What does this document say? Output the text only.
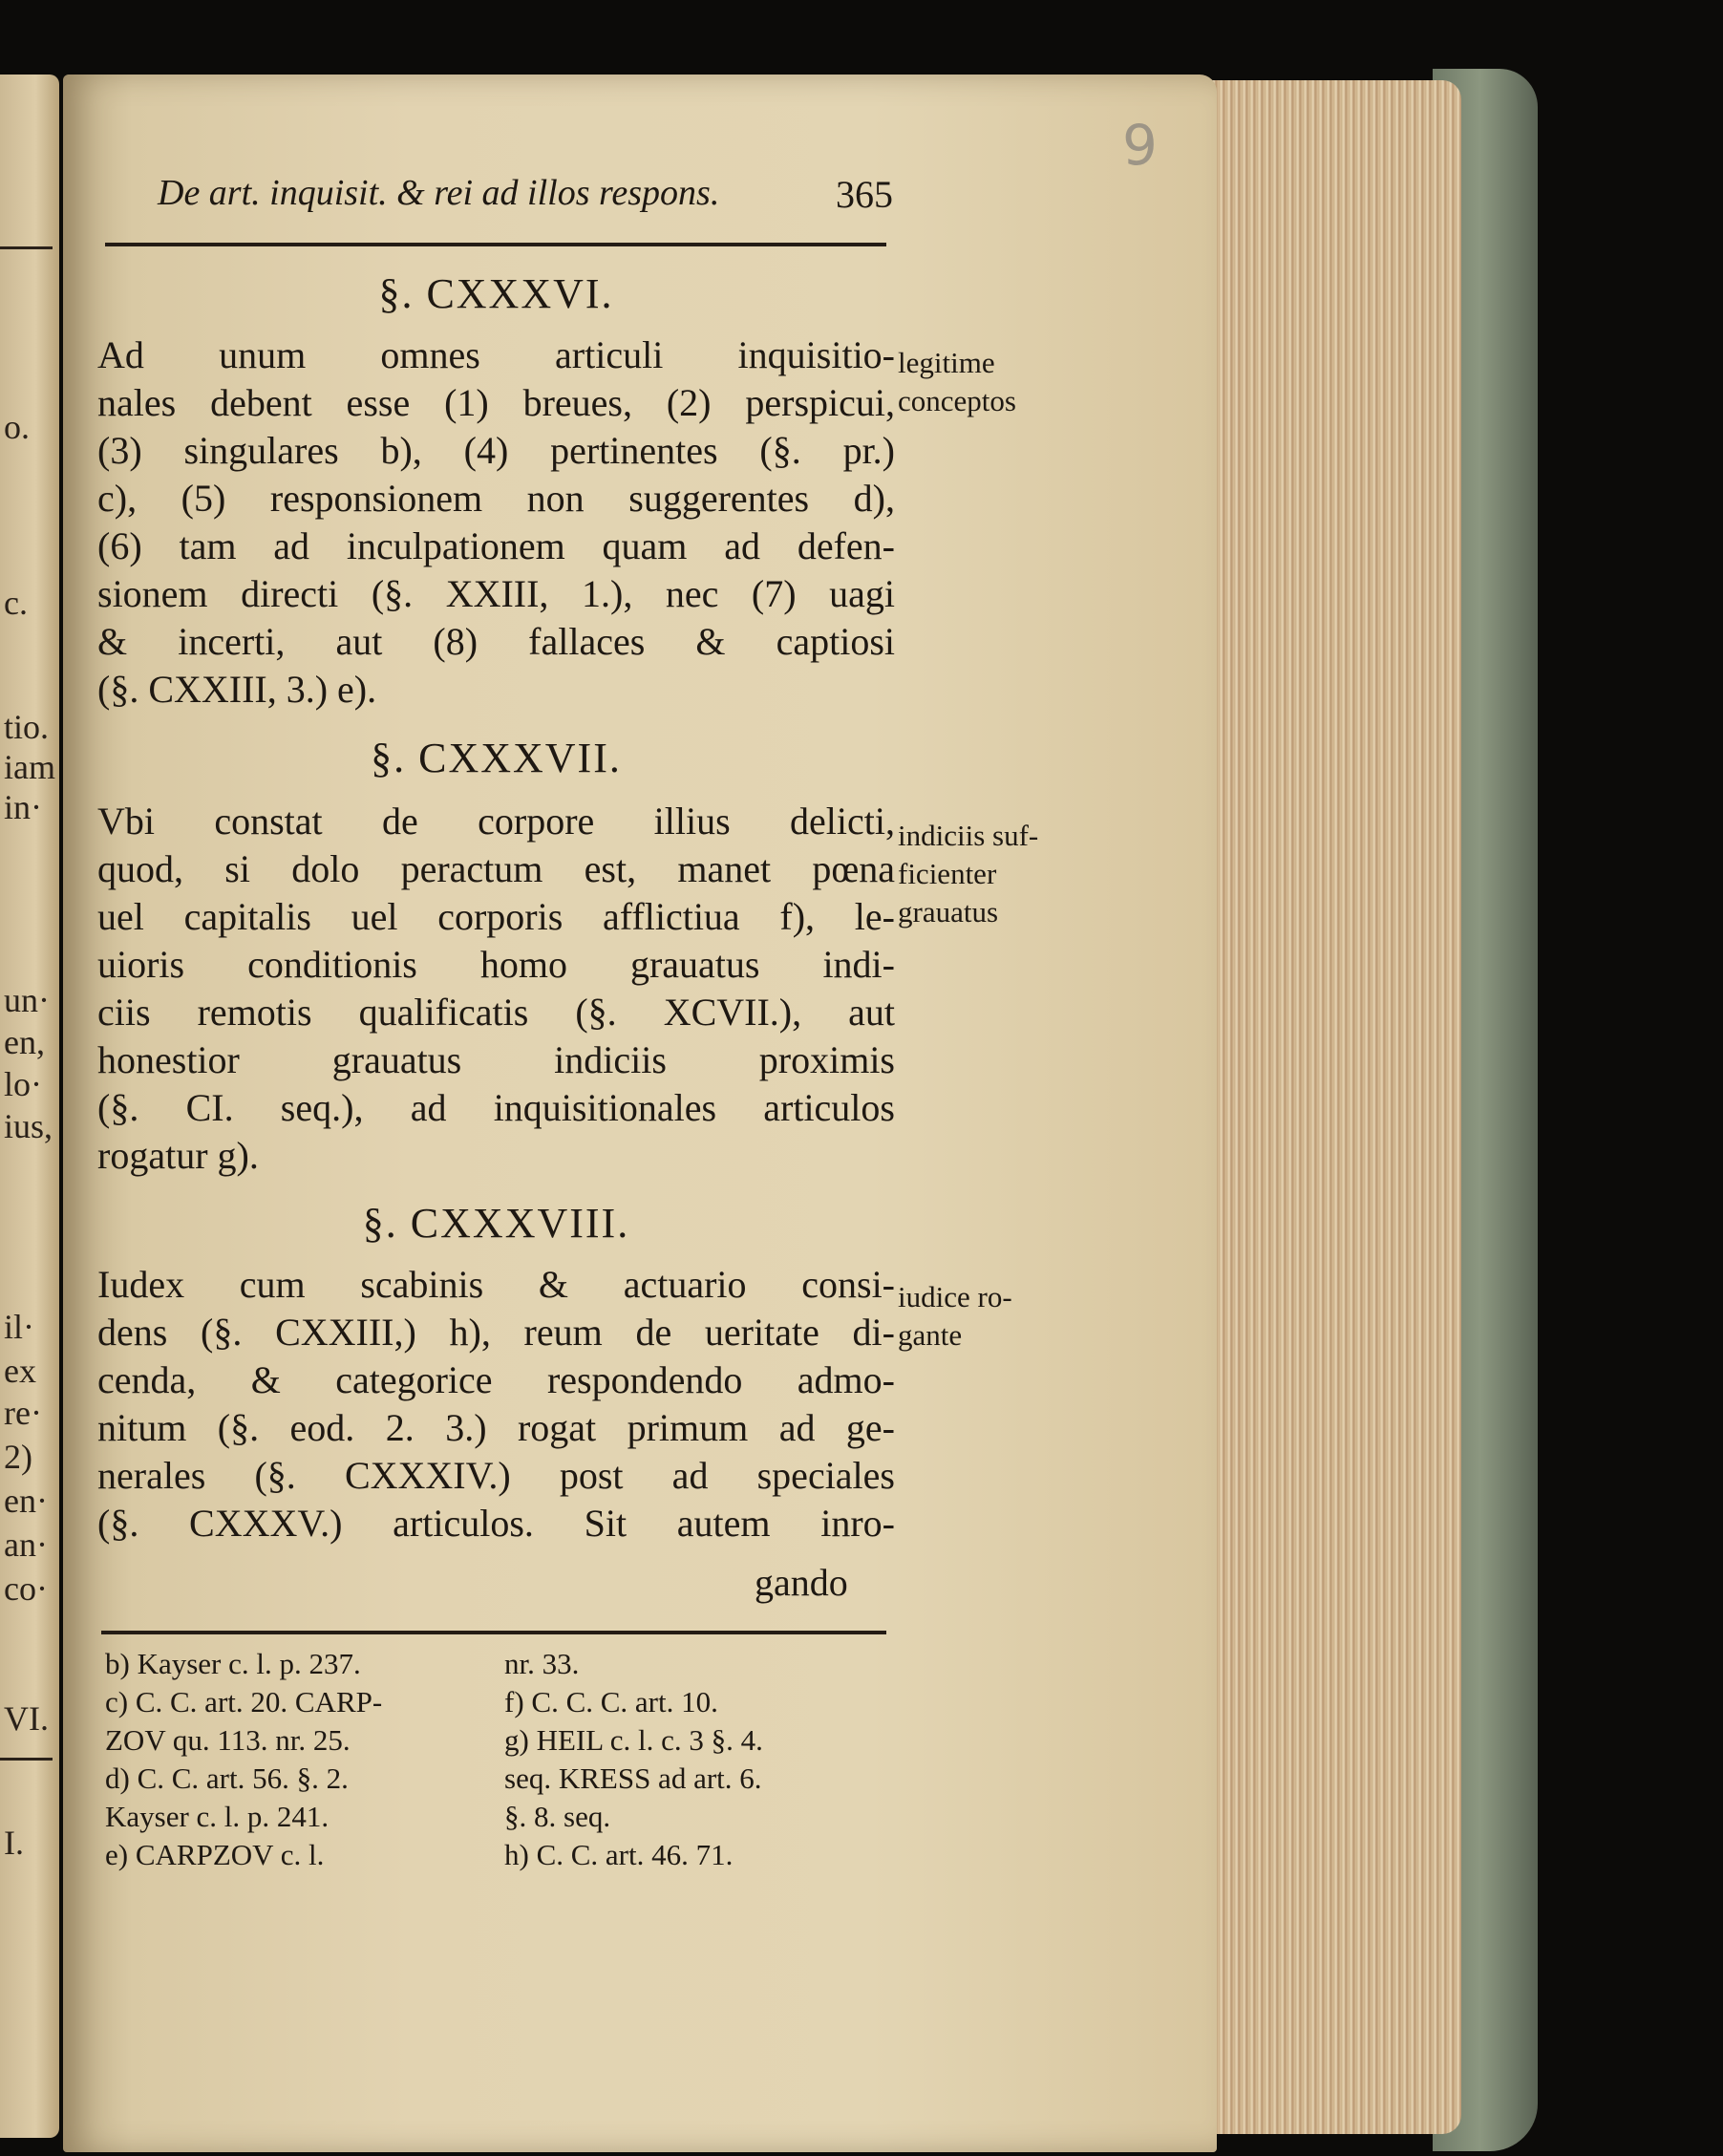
o.
c.
tio.
iam
in·
un·
en,
lo·
ius,
il·
ex
re·
2)
en·
an·
co·
VI.
I.
9
De art. inquisit. & rei ad illos respons.	365
§. CXXXVI.
Ad unum omnes articuli inquisitio-
nales debent esse (1) breues, (2) perspicui,
(3) singulares b), (4) pertinentes (§. pr.)
c), (5) responsionem non suggerentes d),
(6) tam ad inculpationem quam ad defen-
sionem directi (§. XXIII, 1.), nec (7) uagi
& incerti, aut (8) fallaces & captiosi
(§. CXXIII, 3.) e).
legitime
conceptos
§. CXXXVII.
Vbi constat de corpore illius delicti,
quod, si dolo peractum est, manet pœna
uel capitalis uel corporis afflictiua f), le-
uioris conditionis homo grauatus indi-
ciis remotis qualificatis (§. XCVII.), aut
honestior grauatus indiciis proximis
(§. CI. seq.), ad inquisitionales articulos
rogatur g).
indiciis suf-
ficienter
grauatus
§. CXXXVIII.
Iudex cum scabinis & actuario consi-
dens (§. CXXIII,) h), reum de ueritate di-
cenda, & categorice respondendo admo-
nitum (§. eod. 2. 3.) rogat primum ad ge-
nerales (§. CXXXIV.) post ad speciales
(§. CXXXV.) articulos. Sit autem inro-
iudice ro-
gante
gando
b) Kayser c. l. p. 237.
c) C. C. art. 20. CARP-
ZOV qu. 113. nr. 25.
d) C. C. art. 56. §. 2.
Kayser c. l. p. 241.
e) CARPZOV c. l.
nr. 33.
f) C. C. C. art. 10.
g) HEIL c. l. c. 3 §. 4.
seq. KRESS ad art. 6.
§. 8. seq.
h) C. C. art. 46. 71.
